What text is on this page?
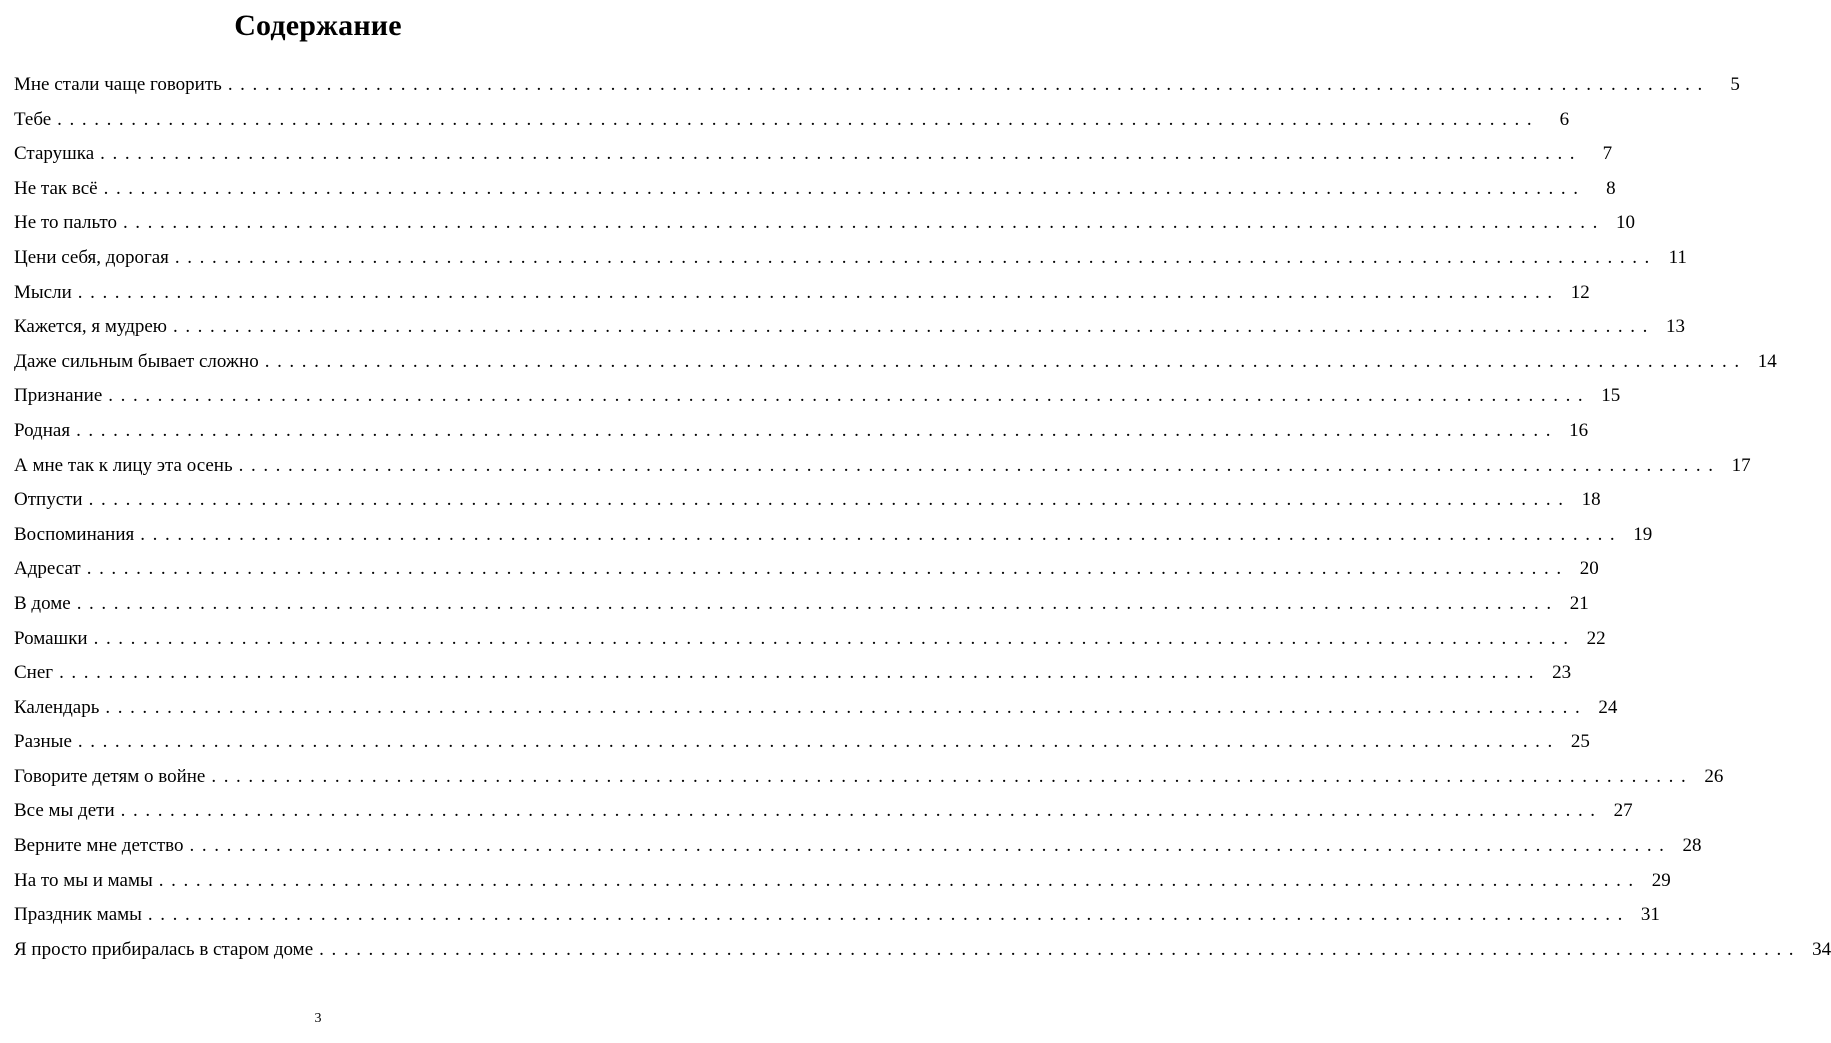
Содержание
Мне стали чаще говорить ........................................................................................................................	5
Тебе ........................................................................................................................	6
Старушка ........................................................................................................................	7
Не так всё ........................................................................................................................	8
Не то пальто ........................................................................................................................ 10
Цени себя, дорогая ........................................................................................................................ 11
Мысли ........................................................................................................................ 12
Кажется, я мудрею ........................................................................................................................ 13
Даже сильным бывает сложно ........................................................................................................................ 14
Признание ........................................................................................................................ 15
Родная ........................................................................................................................ 16
А мне так к лицу эта осень ........................................................................................................................ 17
Отпусти ........................................................................................................................ 18
Воспоминания ........................................................................................................................ 19
Адресат ........................................................................................................................ 20
В доме ........................................................................................................................ 21
Ромашки ........................................................................................................................ 22
Снег ........................................................................................................................ 23
Календарь ........................................................................................................................ 24
Разные ........................................................................................................................ 25
Говорите детям о войне ........................................................................................................................ 26
Все мы дети ........................................................................................................................ 27
Верните мне детство ........................................................................................................................ 28
На то мы и мамы ........................................................................................................................ 29
Праздник мамы ........................................................................................................................ 31
Я просто прибиралась в старом доме ........................................................................................................................ 34
3
